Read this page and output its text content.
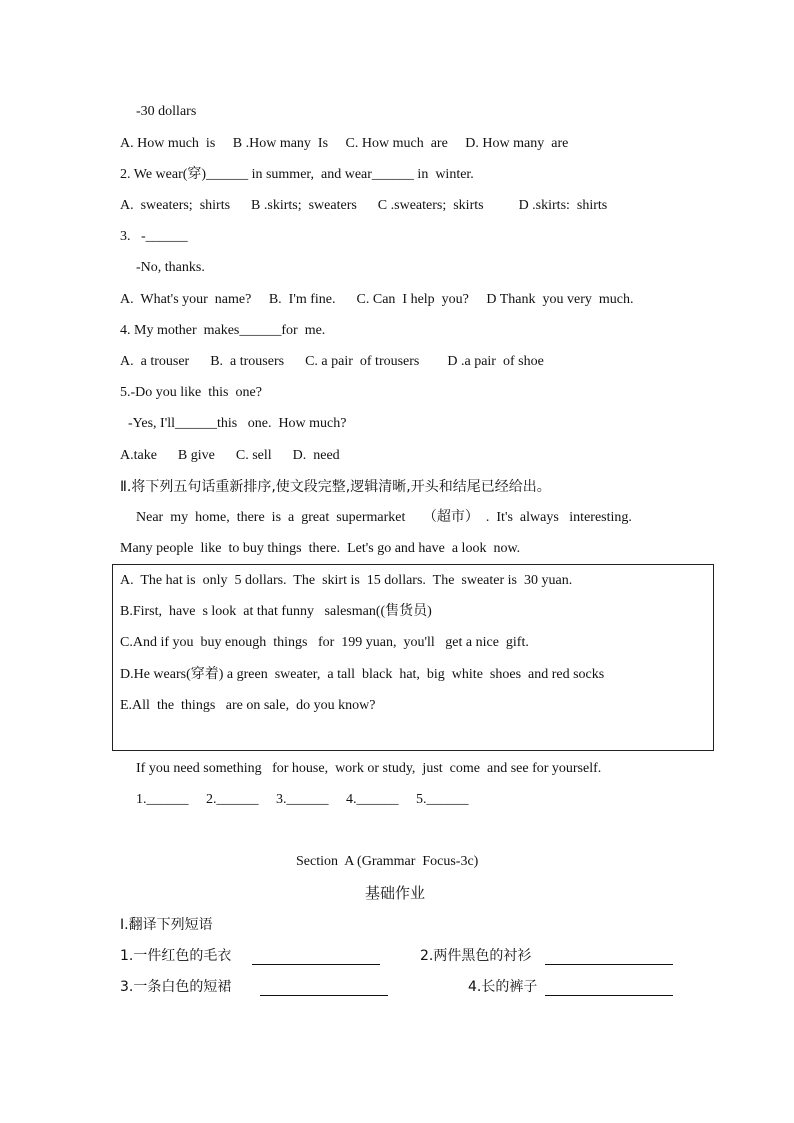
-30 dollars
A. How much  is     B .How many  Is     C. How much  are     D. How many  are
2. We wear(穿)______ in summer,  and wear______ in  winter.
A.  sweaters;  shirts      B .skirts;  sweaters      C .sweaters;  skirts          D .skirts:  shirts
3.   -______
-No, thanks.
A.  What's your  name?     B.  I'm fine.      C. Can  I help  you?     D Thank  you very  much.
4. My mother  makes______for  me.
A.  a trouser      B.  a trousers      C. a pair  of trousers        D .a pair  of shoe
5.-Do you like  this  one?
-Yes, I'll______this   one.  How much?
A.take      B give      C. sell      D.  need
Ⅱ.将下列五句话重新排序,使文段完整,逻辑清晰,开头和结尾已经给出。
Near  my  home,  there  is  a  great  supermarket     （超市）  .  It's  always   interesting.
Many people  like  to buy things  there.  Let's go and have  a look  now.
A.  The hat is  only  5 dollars.  The  skirt is  15 dollars.  The  sweater is  30 yuan.
B.First,  have  s look  at that funny   salesman((售货员)
C.And if you  buy enough  things   for  199 yuan,  you'll   get a nice  gift.
D.He wears(穿着) a green  sweater,  a tall  black  hat,  big  white  shoes  and red socks
E.All  the  things   are on sale,  do you know?
If you need something   for house,  work or study,  just  come  and see for yourself.
1.______     2.______     3.______     4.______     5.______
Section  A (Grammar  Focus-3c)
基础作业
I.翻译下列短语
1.一件红色的毛衣	2.两件黑色的衬衫
3.一条白色的短裙	4.长的裤子
